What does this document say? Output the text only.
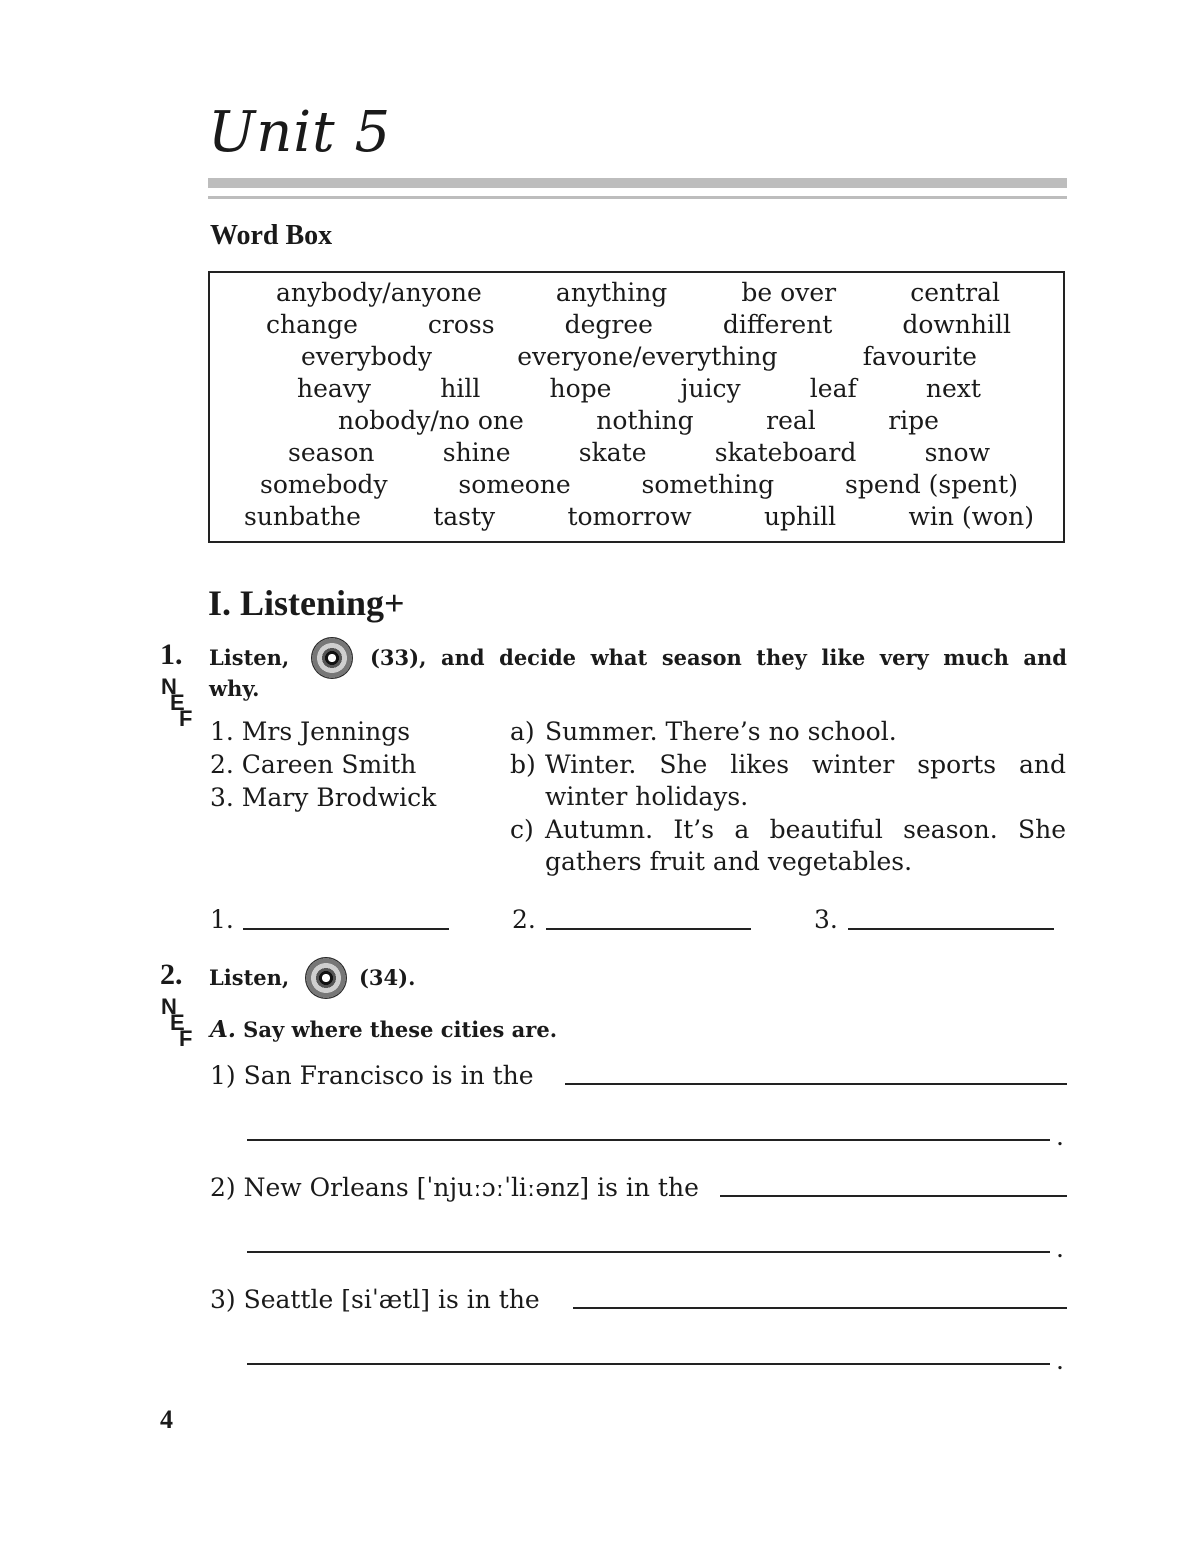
Unit 5
Word Box
anybody/anyone	anything	be over	central
change	cross	degree	different	downhill
everybody	everyone/everything	favourite
heavy	hill	hope	juicy	leaf	next
nobody/no one	nothing	real	ripe
season	shine	skate	skateboard	snow
somebody	someone	something	spend (spent)
sunbathe	tasty	tomorrow	uphill	win (won)
I. Listening+
1.
N
E
F
Listen,	(33), and decide what season they like very much and
why.
1. Mrs Jennings
2. Careen Smith
3. Mary Brodwick
a) Summer. There’s no school.
b) Winter. She likes winter sports and
winter holidays.
c) Autumn. It’s a beautiful season. She
gathers fruit and vegetables.
1.	2.	3.
2.
N
E
F
Listen,	(34).
A. Say where these cities are.
1) San Francisco is in the
.
2) New Orleans [ˈnjuːɔːˈliːənz] is in the
.
3) Seattle [siˈætl] is in the
.
4
